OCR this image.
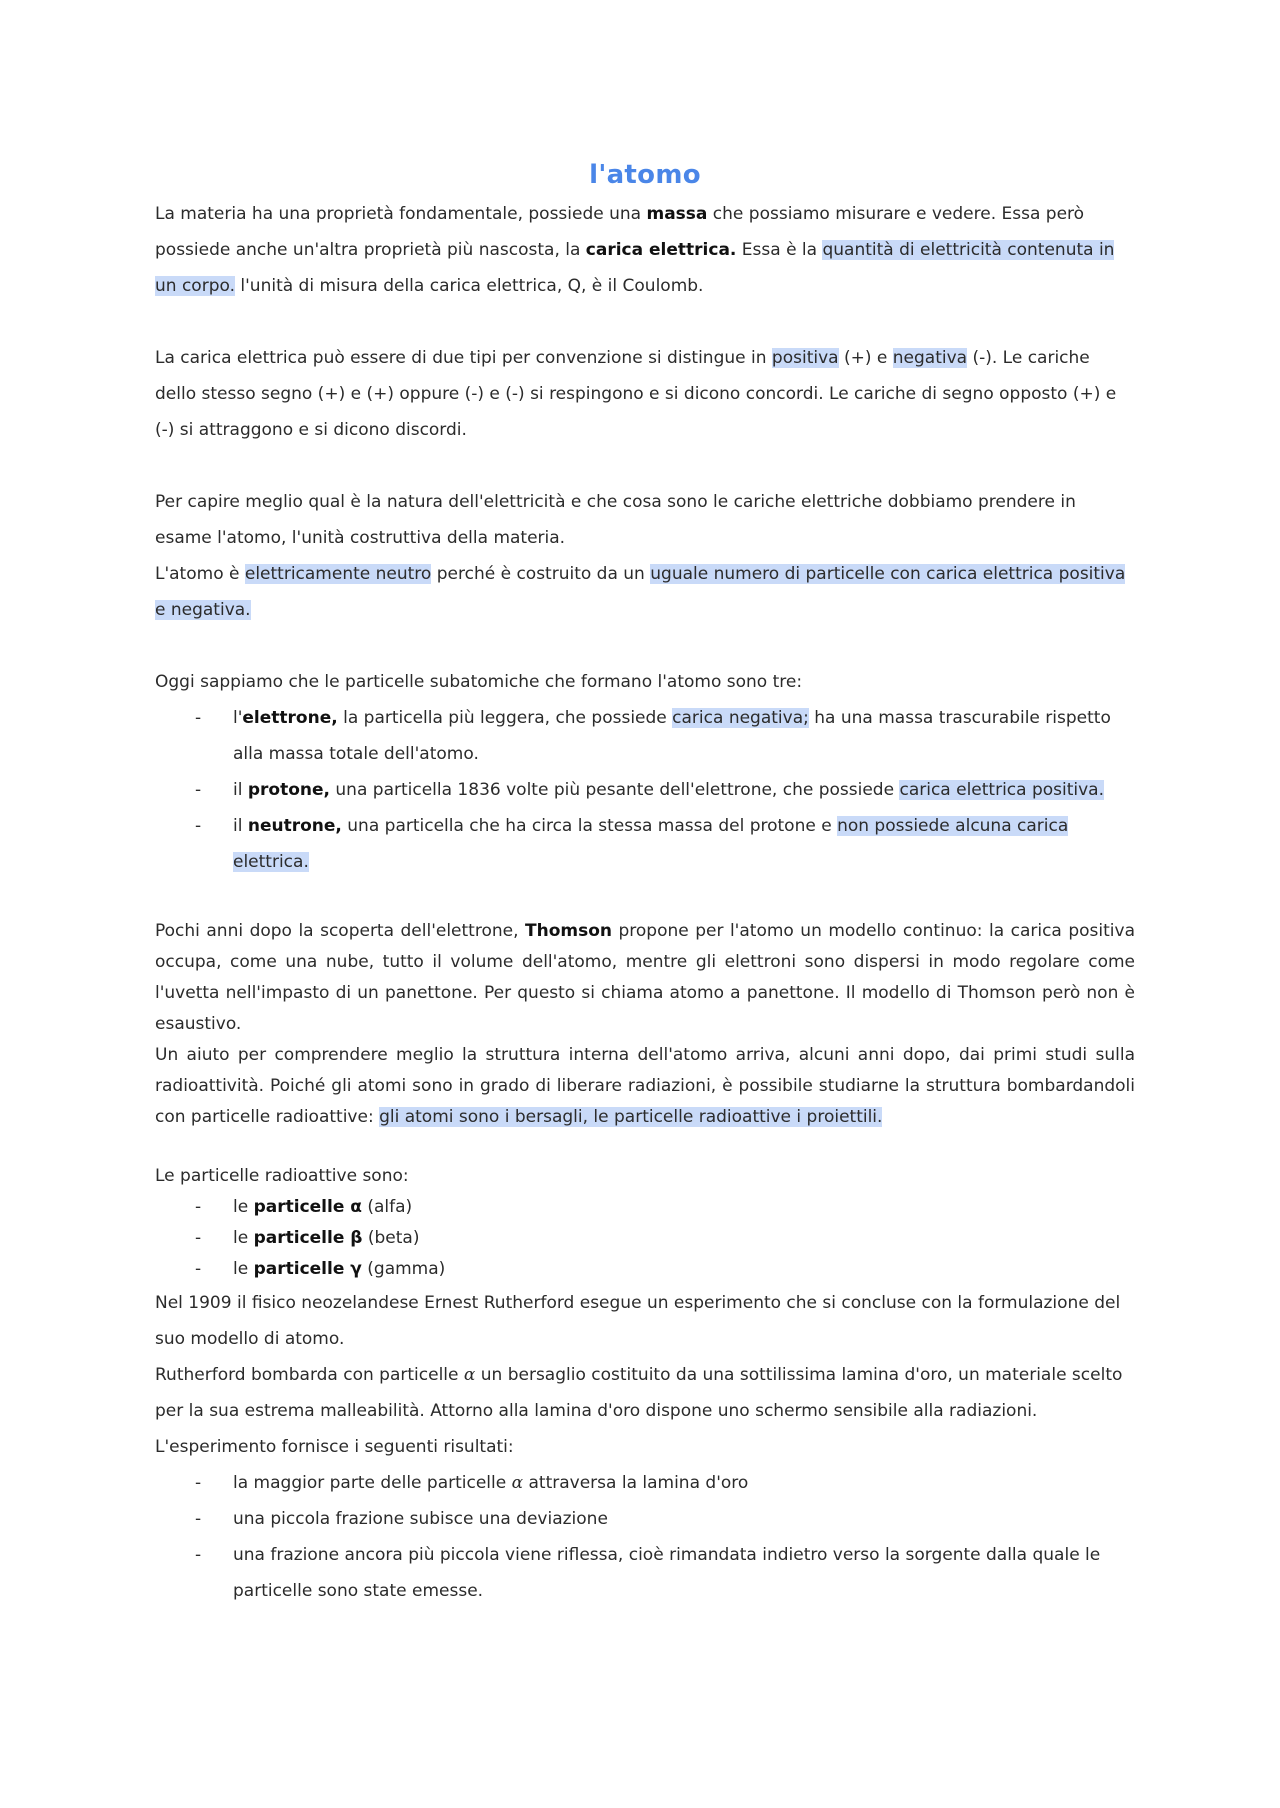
l'atomo

La materia ha una proprietà fondamentale, possiede una massa che possiamo misurare e vedere. Essa però possiede anche un'altra proprietà più nascosta, la carica elettrica. Essa è la quantità di elettricità contenuta in un corpo. l'unità di misura della carica elettrica, Q, è il Coulomb.

La carica elettrica può essere di due tipi per convenzione si distingue in positiva (+) e negativa (-). Le cariche dello stesso segno (+) e (+) oppure (-) e (-) si respingono e si dicono concordi. Le cariche di segno opposto (+) e (-) si attraggono e si dicono discordi.

Per capire meglio qual è la natura dell'elettricità e che cosa sono le cariche elettriche dobbiamo prendere in esame l'atomo, l'unità costruttiva della materia.

L'atomo è elettricamente neutro perché è costruito da un uguale numero di particelle con carica elettrica positiva e negativa.

Oggi sappiamo che le particelle subatomiche che formano l'atomo sono tre:

- l'elettrone, la particella più leggera, che possiede carica negativa; ha una massa trascurabile rispetto alla massa totale dell'atomo.
- il protone, una particella 1836 volte più pesante dell'elettrone, che possiede carica elettrica positiva.
- il neutrone, una particella che ha circa la stessa massa del protone e non possiede alcuna carica elettrica.

Pochi anni dopo la scoperta dell'elettrone, Thomson propone per l'atomo un modello continuo: la carica positiva occupa, come una nube, tutto il volume dell'atomo, mentre gli elettroni sono dispersi in modo regolare come l'uvetta nell'impasto di un panettone. Per questo si chiama atomo a panettone. Il modello di Thomson però non è esaustivo.

Un aiuto per comprendere meglio la struttura interna dell'atomo arriva, alcuni anni dopo, dai primi studi sulla radioattività. Poiché gli atomi sono in grado di liberare radiazioni, è possibile studiarne la struttura bombardandoli con particelle radioattive: gli atomi sono i bersagli, le particelle radioattive i proiettili.

Le particelle radioattive sono:

- le particelle α (alfa)
- le particelle β (beta)
- le particelle γ (gamma)

Nel 1909 il fisico neozelandese Ernest Rutherford esegue un esperimento che si concluse con la formulazione del suo modello di atomo.

Rutherford bombarda con particelle α un bersaglio costituito da una sottilissima lamina d'oro, un materiale scelto per la sua estrema malleabilità. Attorno alla lamina d'oro dispone uno schermo sensibile alla radiazioni.

L'esperimento fornisce i seguenti risultati:

- la maggior parte delle particelle α attraversa la lamina d'oro
- una piccola frazione subisce una deviazione
- una frazione ancora più piccola viene riflessa, cioè rimandata indietro verso la sorgente dalla quale le particelle sono state emesse.
